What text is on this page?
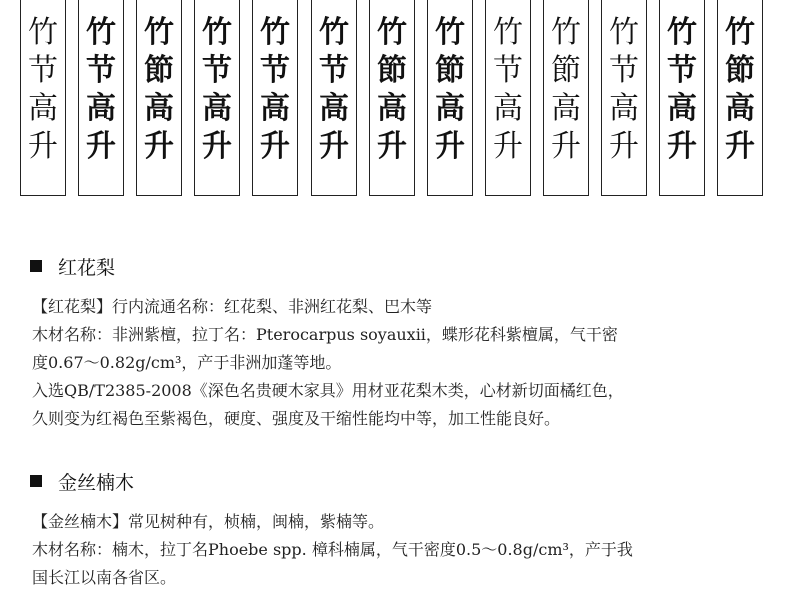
竹
节
高
升
竹
节
高
升
竹
節
高
升
竹
节
高
升
竹
节
高
升
竹
节
高
升
竹
節
高
升
竹
節
高
升
竹
节
高
升
竹
節
高
升
竹
节
高
升
竹
节
高
升
竹
節
高
升
红花梨
【红花梨】行内流通名称：红花梨、非洲红花梨、巴木等
木材名称：非洲紫檀，拉丁名：Pterocarpus soyauxii，蝶形花科紫檀属，气干密
度0.67～0.82g/cm³，产于非洲加蓬等地。
入选QB/T2385-2008《深色名贵硬木家具》用材亚花梨木类，心材新切面橘红色，
久则变为红褐色至紫褐色，硬度、强度及干缩性能均中等，加工性能良好。
金丝楠木
【金丝楠木】常见树种有，桢楠，闽楠，紫楠等。
木材名称：楠木，拉丁名Phoebe spp. 樟科楠属，气干密度0.5～0.8g/cm³，产于我
国长江以南各省区。
